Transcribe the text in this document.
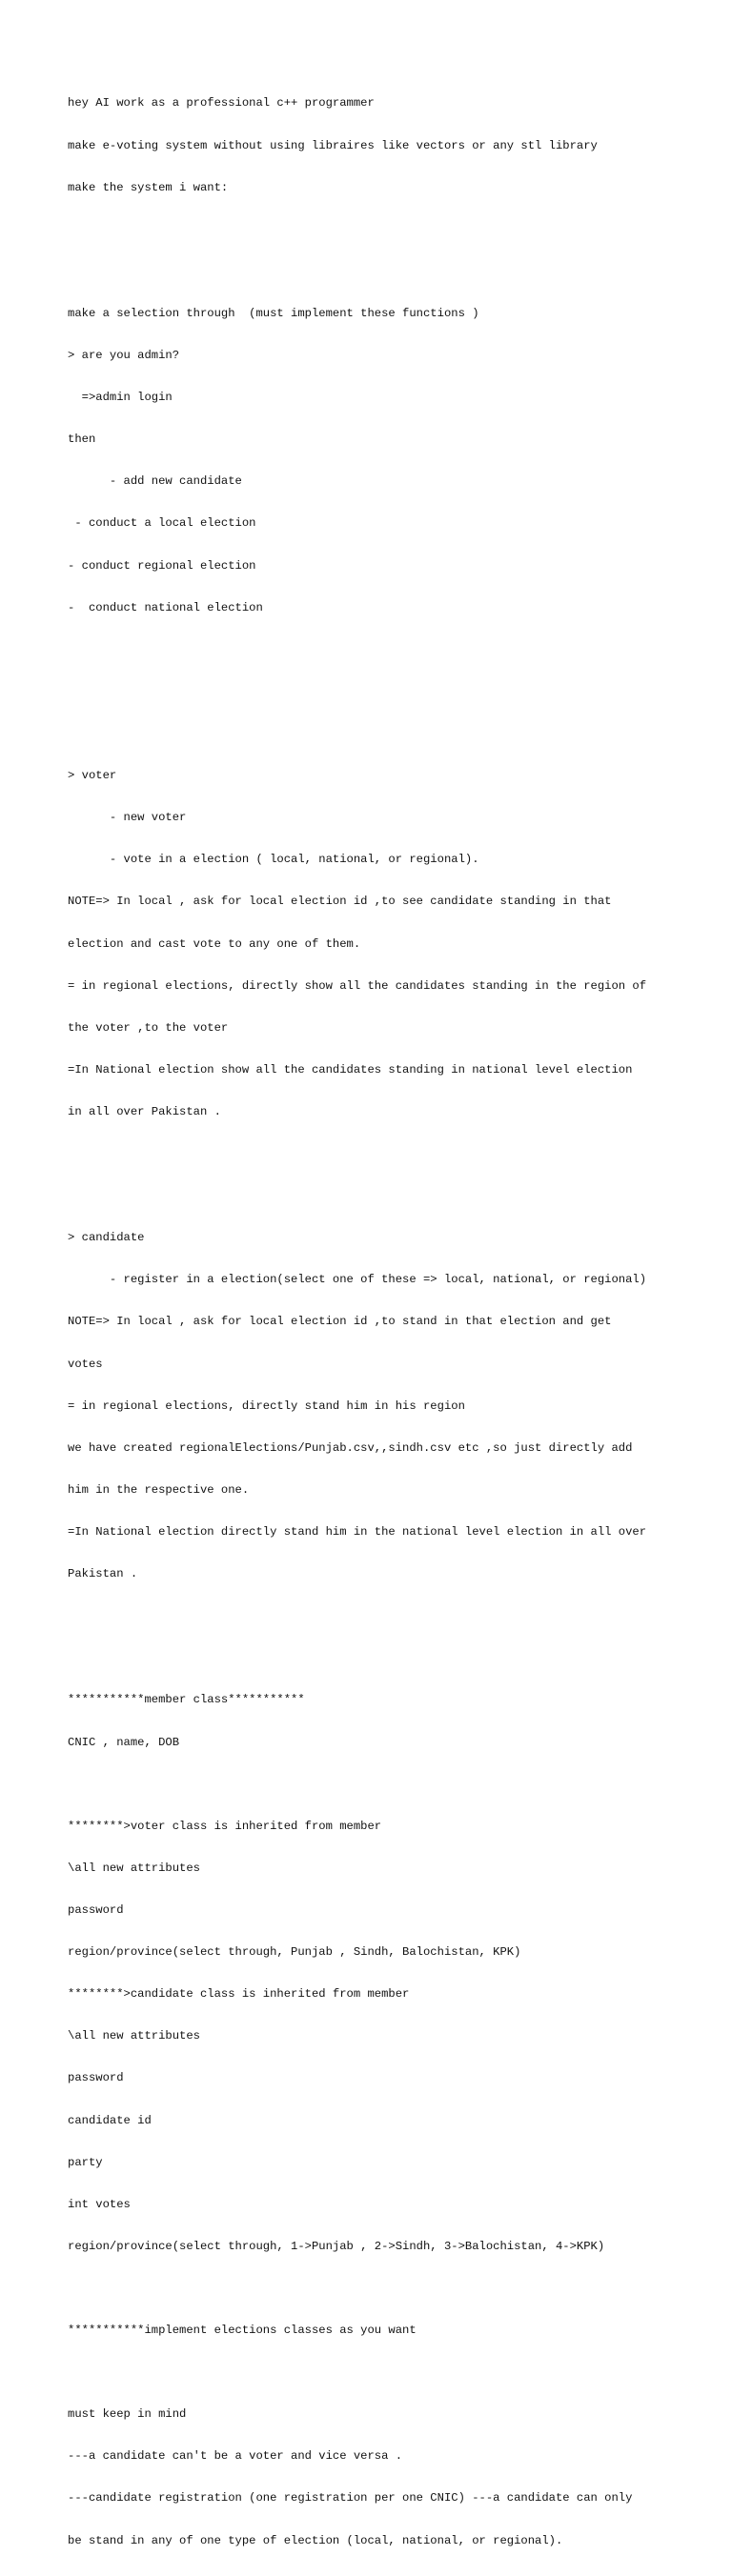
hey AI work as a professional c++ programmer

make e-voting system without using libraires like vectors or any stl library

make the system i want:

make a selection through  (must implement these functions )

> are you admin?

=>admin login

then

- add new candidate

- conduct a local election

- conduct regional election

-  conduct national election

> voter

- new voter

- vote in a election ( local, national, or regional).

NOTE=> In local , ask for local election id ,to see candidate standing in that

election and cast vote to any one of them.

= in regional elections, directly show all the candidates standing in the region of

the voter ,to the voter

=In National election show all the candidates standing in national level election

in all over Pakistan .

> candidate

- register in a election(select one of these => local, national, or regional)

NOTE=> In local , ask for local election id ,to stand in that election and get

votes

= in regional elections, directly stand him in his region

we have created regionalElections/Punjab.csv,,sindh.csv etc ,so just directly add

him in the respective one.

=In National election directly stand him in the national level election in all over

Pakistan .

***********member class***********

CNIC , name, DOB

********>voter class is inherited from member

\all new attributes

password

region/province(select through, Punjab , Sindh, Balochistan, KPK)

********>candidate class is inherited from member

\all new attributes

password

candidate id

party

int votes

region/province(select through, 1->Punjab , 2->Sindh, 3->Balochistan, 4->KPK)

***********implement elections classes as you want

must keep in mind

---a candidate can't be a voter and vice versa .

---candidate registration (one registration per one CNIC) ---a candidate can only

be stand in any of one type of election (local, national, or regional).
